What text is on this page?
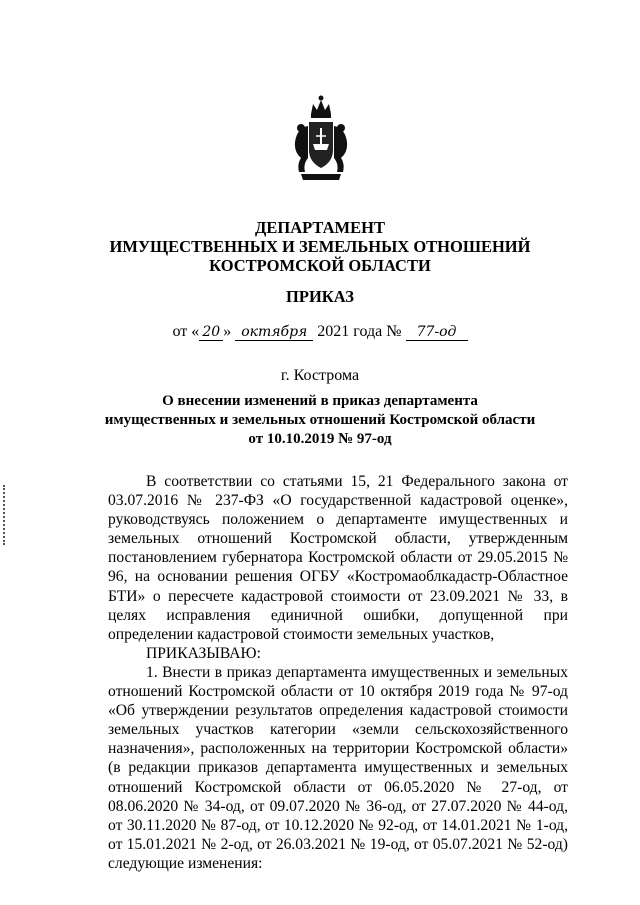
ДЕПАРТАМЕНТ
ИМУЩЕСТВЕННЫХ И ЗЕМЕЛЬНЫХ ОТНОШЕНИЙ
КОСТРОМСКОЙ ОБЛАСТИ
ПРИКАЗ
от « 20 » октября 2021 года № 77-од
г. Кострома
О внесении изменений в приказ департамента
имущественных и земельных отношений Костромской области
от 10.10.2019 № 97-од

В соответствии со статьями 15, 21 Федерального закона от 03.07.2016 № 237-ФЗ «О государственной кадастровой оценке», руководствуясь положением о департаменте имущественных и земельных отношений Костромской области, утвержденным постановлением губернатора Костромской области от 29.05.2015 № 96, на основании решения ОГБУ «Костромаоблкадастр-Областное БТИ» о пересчете кадастровой стоимости от 23.09.2021 № 33, в целях исправления единичной ошибки, допущенной при определении кадастровой стоимости земельных участков,

ПРИКАЗЫВАЮ:

1. Внести в приказ департамента имущественных и земельных отношений Костромской области от 10 октября 2019 года № 97-од «Об утверждении результатов определения кадастровой стоимости земельных участков категории «земли сельскохозяйственного назначения», расположенных на территории Костромской области» (в редакции приказов департамента имущественных и земельных отношений Костромской области от 06.05.2020 № 27-од, от 08.06.2020 № 34-од, от 09.07.2020 № 36-од, от 27.07.2020 № 44-од, от 30.11.2020 № 87-од, от 10.12.2020 № 92-од, от 14.01.2021 № 1-од, от 15.01.2021 № 2-од, от 26.03.2021 № 19-од, от 05.07.2021 № 52-од) следующие изменения:
